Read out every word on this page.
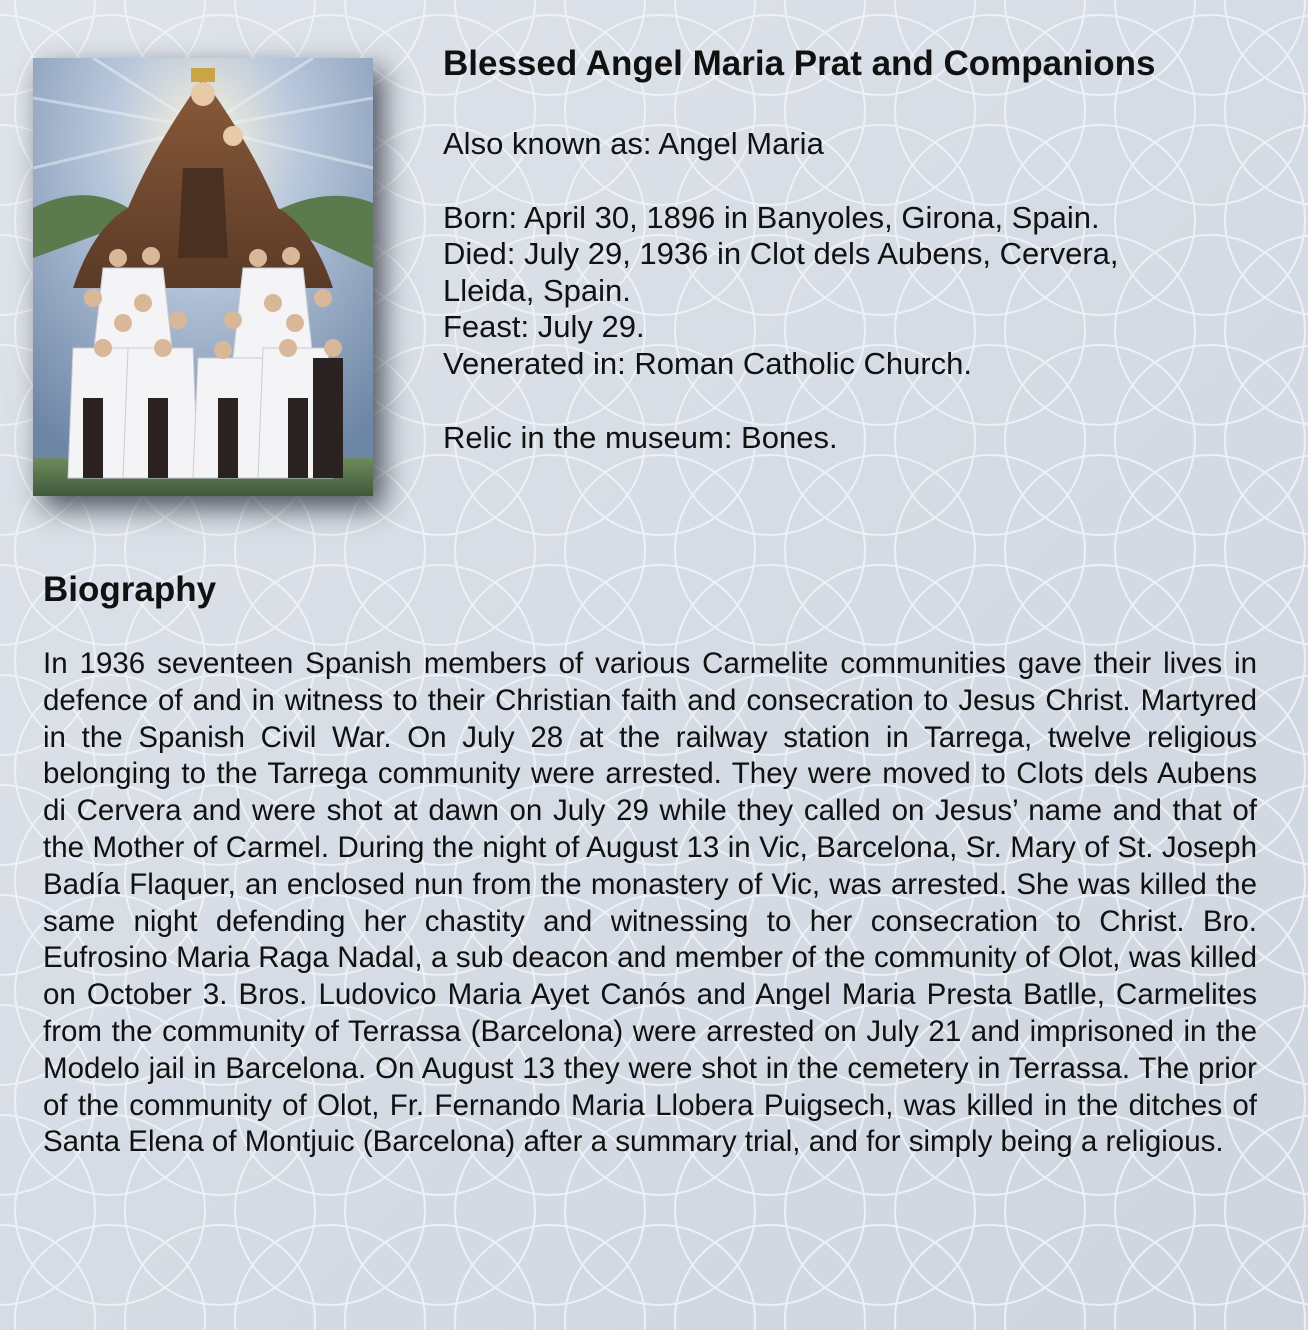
Blessed Angel Maria Prat and Companions

Also known as: Angel Maria

Born: April 30, 1896 in Banyoles, Girona, Spain.

Died: July 29, 1936 in Clot dels Aubens, Cervera, Lleida, Spain.

Feast: July 29.

Venerated in: Roman Catholic Church.

Relic in the museum: Bones.

Biography

In 1936 seventeen Spanish members of various Carmelite communities gave their lives in defence of and in witness to their Christian faith and consecration to Jesus Christ. Martyred in the Spanish Civil War. On July 28 at the railway station in Tarrega, twelve religious belonging to the Tarrega community were arrested. They were moved to Clots dels Aubens di Cervera and were shot at dawn on July 29 while they called on Jesus’ name and that of the Mother of Carmel. During the night of August 13 in Vic, Barcelona, Sr. Mary of St. Joseph Badía Flaquer, an enclosed nun from the monastery of Vic, was arrested. She was killed the same night defending her chastity and witnessing to her consecration to Christ. Bro. Eufrosino Maria Raga Nadal, a sub deacon and member of the community of Olot, was killed on October 3. Bros. Ludovico Maria Ayet Canós and Angel Maria Presta Batlle, Carmelites from the community of Terrassa (Barcelona) were arrested on July 21 and imprisoned in the Modelo jail in Barcelona. On August 13 they were shot in the cemetery in Terrassa. The prior of the community of Olot, Fr. Fernando Maria Llobera Puigsech, was killed in the ditches of Santa Elena of Montjuic (Barcelona) after a summary trial, and for simply being a religious.
